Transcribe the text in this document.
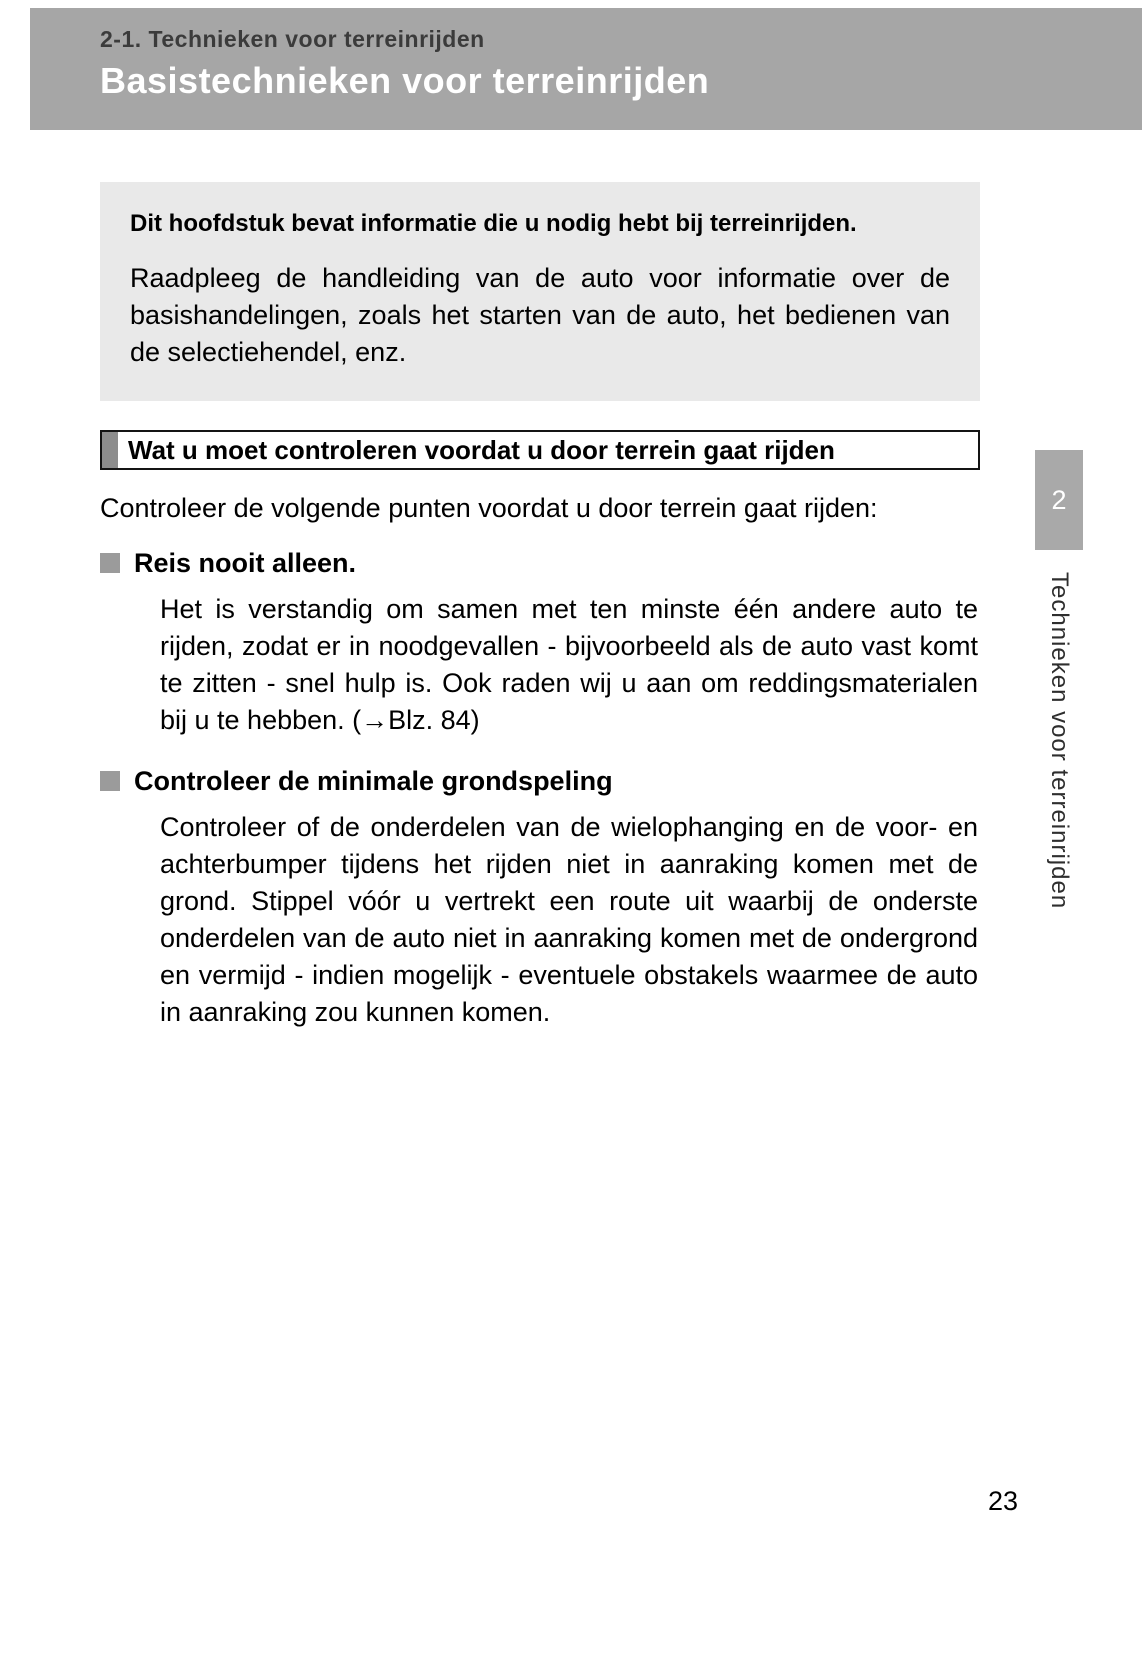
2-1. Technieken voor terreinrijden
Basistechnieken voor terreinrijden

Dit hoofdstuk bevat informatie die u nodig hebt bij terreinrijden.

Raadpleeg de handleiding van de auto voor informatie over de basishandelingen, zoals het starten van de auto, het bedienen van de selectiehendel, enz.

Wat u moet controleren voordat u door terrein gaat rijden

Controleer de volgende punten voordat u door terrein gaat rijden:

Reis nooit alleen.

Het is verstandig om samen met ten minste één andere auto te rijden, zodat er in noodgevallen - bijvoorbeeld als de auto vast komt te zitten - snel hulp is. Ook raden wij u aan om reddingsmaterialen bij u te hebben. (→Blz. 84)

Controleer de minimale grondspeling

Controleer of de onderdelen van de wielophanging en de voor- en achterbumper tijdens het rijden niet in aanraking komen met de grond. Stippel vóór u vertrekt een route uit waarbij de onderste onderdelen van de auto niet in aanraking komen met de ondergrond en vermijd - indien mogelijk - eventuele obstakels waarmee de auto in aanraking zou kunnen komen.

2
Technieken voor terreinrijden
23
